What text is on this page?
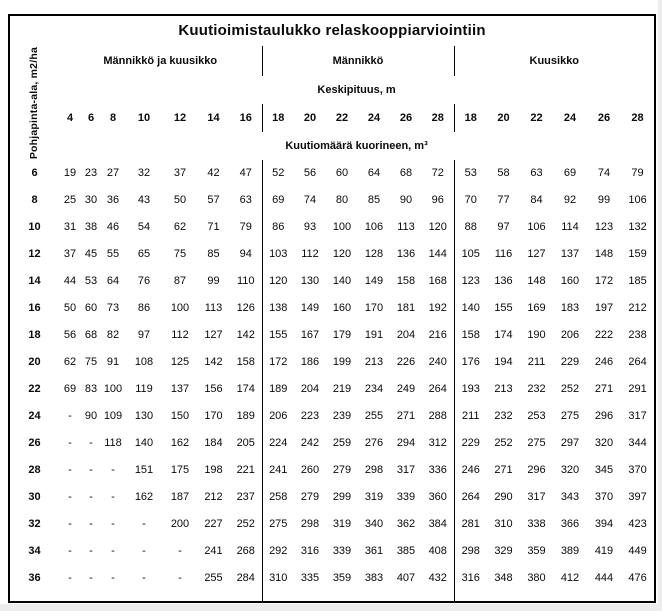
Kuutioimistaulukko relaskooppiarviointiin																			

Pohjapinta-ala, m2/ha	Männikkö ja kuusikko							Männikkö						Kuusikko					
	Keskipituus, m																		
	4	6	8	10	12	14	16	18	20	22	24	26	28	18	20	22	24	26	28
	Kuutiomäärä kuorineen, m³																		
6	19	23	27	32	37	42	47	52	56	60	64	68	72	53	58	63	69	74	79
8	25	30	36	43	50	57	63	69	74	80	85	90	96	70	77	84	92	99	106
10	31	38	46	54	62	71	79	86	93	100	106	113	120	88	97	106	114	123	132
12	37	45	55	65	75	85	94	103	112	120	128	136	144	105	116	127	137	148	159
14	44	53	64	76	87	99	110	120	130	140	149	158	168	123	136	148	160	172	185
16	50	60	73	86	100	113	126	138	149	160	170	181	192	140	155	169	183	197	212
18	56	68	82	97	112	127	142	155	167	179	191	204	216	158	174	190	206	222	238
20	62	75	91	108	125	142	158	172	186	199	213	226	240	176	194	211	229	246	264
22	69	83	100	119	137	156	174	189	204	219	234	249	264	193	213	232	252	271	291
24	-	90	109	130	150	170	189	206	223	239	255	271	288	211	232	253	275	296	317
26	-	-	118	140	162	184	205	224	242	259	276	294	312	229	252	275	297	320	344
28	-	-	-	151	175	198	221	241	260	279	298	317	336	246	271	296	320	345	370
30	-	-	-	162	187	212	237	258	279	299	319	339	360	264	290	317	343	370	397
32	-	-	-	-	200	227	252	275	298	319	340	362	384	281	310	338	366	394	423
34	-	-	-	-	-	241	268	292	316	339	361	385	408	298	329	359	389	419	449
36	-	-	-	-	-	255	284	310	335	359	383	407	432	316	348	380	412	444	476
